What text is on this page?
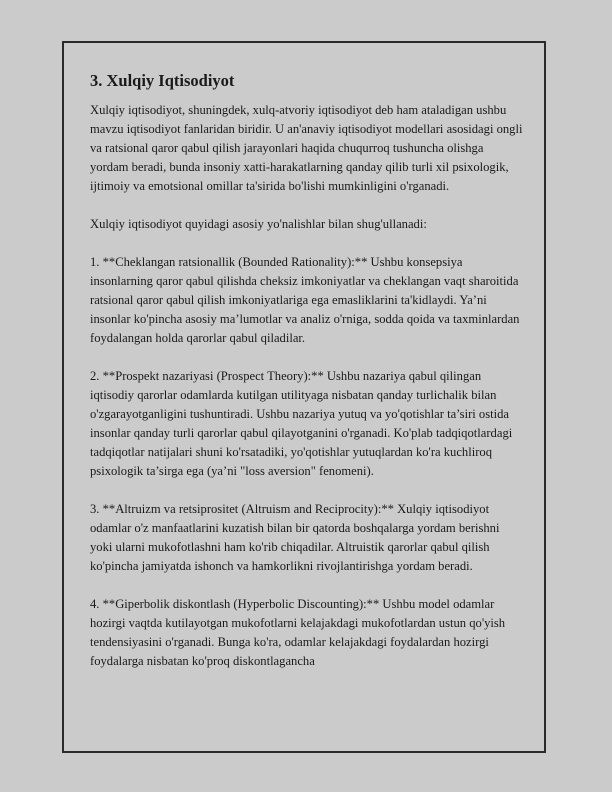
3. Xulqiy Iqtisodiyot

Xulqiy iqtisodiyot, shuningdek, xulq-atvoriy iqtisodiyot deb ham ataladigan ushbu mavzu iqtisodiyot fanlaridan biridir. U an'anaviy iqtisodiyot modellari asosidagi ongli va ratsional qaror qabul qilish jarayonlari haqida chuqurroq tushuncha olishga yordam beradi, bunda insoniy xatti-harakatlarning qanday qilib turli xil psixologik, ijtimoiy va emotsional omillar ta'sirida bo'lishi mumkinligini o'rganadi.

Xulqiy iqtisodiyot quyidagi asosiy yo'nalishlar bilan shug'ullanadi:

1. **Cheklangan ratsionallik (Bounded Rationality):** Ushbu konsepsiya insonlarning qaror qabul qilishda cheksiz imkoniyatlar va cheklangan vaqt sharoitida ratsional qaror qabul qilish imkoniyatlariga ega emasliklarini ta'kidlaydi. Ya’ni insonlar ko'pincha asosiy ma’lumotlar va analiz o'rniga, sodda qoida va taxminlardan foydalangan holda qarorlar qabul qiladilar.

2. **Prospekt nazariyasi (Prospect Theory):** Ushbu nazariya qabul qilingan iqtisodiy qarorlar odamlarda kutilgan utilityaga nisbatan qanday turlichalik bilan o'zgarayotganligini tushuntiradi. Ushbu nazariya yutuq va yo'qotishlar ta’siri ostida insonlar qanday turli qarorlar qabul qilayotganini o'rganadi. Ko'plab tadqiqotlardagi tadqiqotlar natijalari shuni ko'rsatadiki, yo'qotishlar yutuqlardan ko'ra kuchliroq psixologik ta’sirga ega (ya’ni "loss aversion" fenomeni).

3. **Altruizm va retsiprositet (Altruism and Reciprocity):** Xulqiy iqtisodiyot odamlar o'z manfaatlarini kuzatish bilan bir qatorda boshqalarga yordam berishni yoki ularni mukofotlashni ham ko'rib chiqadilar. Altruistik qarorlar qabul qilish ko'pincha jamiyatda ishonch va hamkorlikni rivojlantirishga yordam beradi.

4. **Giperbolik diskontlash (Hyperbolic Discounting):** Ushbu model odamlar hozirgi vaqtda kutilayotgan mukofotlarni kelajakdagi mukofotlardan ustun qo'yish tendensiyasini o'rganadi. Bunga ko'ra, odamlar kelajakdagi foydalardan hozirgi foydalarga nisbatan ko'proq diskontlagancha
